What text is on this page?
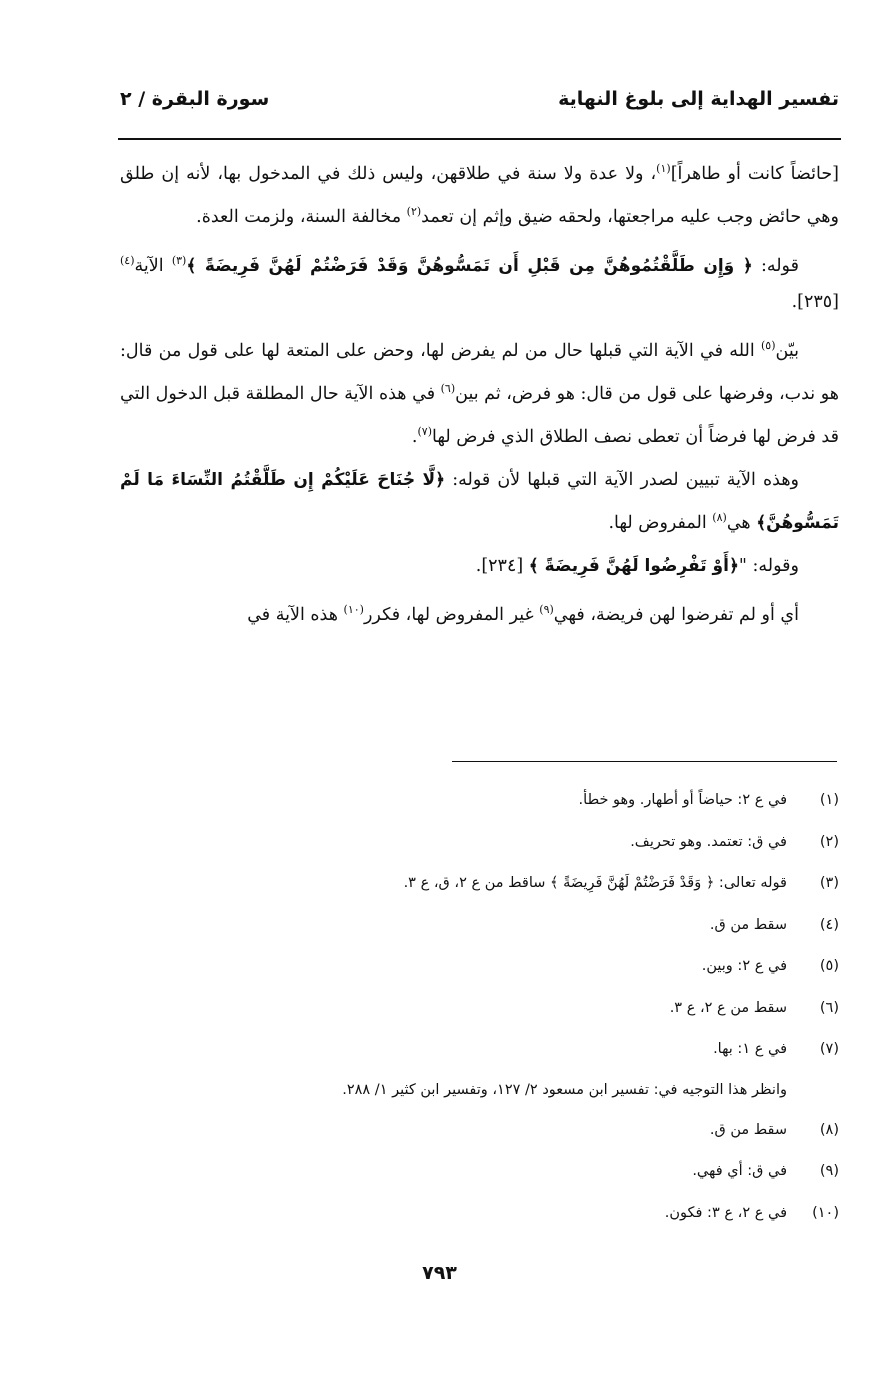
تفسير الهداية إلى بلوغ النهاية
سورة البقرة / ٢

[حائضاً كانت أو طاهراً]$^{(١)}$، ولا عدة ولا سنة في طلاقهن، وليس ذلك في المدخول بها، لأنه إن طلق وهي حائض وجب عليه مراجعتها، ولحقه ضيق وإثم إن تعمد$^{(٢)}$ مخالفة السنة، ولزمت العدة.

قوله: ﴿ وَإِن طَلَّقْتُمُوهُنَّ مِن قَبْلِ أَن تَمَسُّوهُنَّ وَقَدْ فَرَضْتُمْ لَهُنَّ فَرِيضَةً ﴾$^{(٣)}$ الآية$^{(٤)}$ [٢٣٥].

بيّن$^{(٥)}$ الله في الآية التي قبلها حال من لم يفرض لها، وحض على المتعة لها على قول من قال: هو ندب، وفرضها على قول من قال: هو فرض، ثم بين$^{(٦)}$ في هذه الآية حال المطلقة قبل الدخول التي قد فرض لها فرضاً أن تعطى نصف الطلاق الذي فرض لها$^{(٧)}$.

وهذه الآية تبيين لصدر الآية التي قبلها لأن قوله: ﴿لَّا جُنَاحَ عَلَيْكُمْ إِن طَلَّقْتُمُ النِّسَاءَ مَا لَمْ تَمَسُّوهُنَّ﴾ هي$^{(٨)}$ المفروض لها.

وقوله: "﴿أَوْ تَفْرِضُوا لَهُنَّ فَرِيضَةً ﴾ [٢٣٤].

أي أو لم تفرضوا لهن فريضة، فهي$^{(٩)}$ غير المفروض لها، فكرر$^{(١٠)}$ هذه الآية في

(١)في ع ٢: حياضاً أو أطهار. وهو خطأ.
(٢)في ق: تعتمد. وهو تحريف.
(٣)قوله تعالى: ﴿ وَقَدْ فَرَضْتُمْ لَهُنَّ فَرِيضَةً ﴾ ساقط من ع ٢، ق، ع ٣.
(٤)سقط من ق.
(٥)في ع ٢: وبين.
(٦)سقط من ع ٢، ع ٣.
(٧)في ع ١: بها.
وانظر هذا التوجيه في: تفسير ابن مسعود ٢/ ١٢٧، وتفسير ابن كثير ١/ ٢٨٨.
(٨)سقط من ق.
(٩)في ق: أي فهي.
(١٠)في ع ٢، ع ٣: فكون.
٧٩٣
